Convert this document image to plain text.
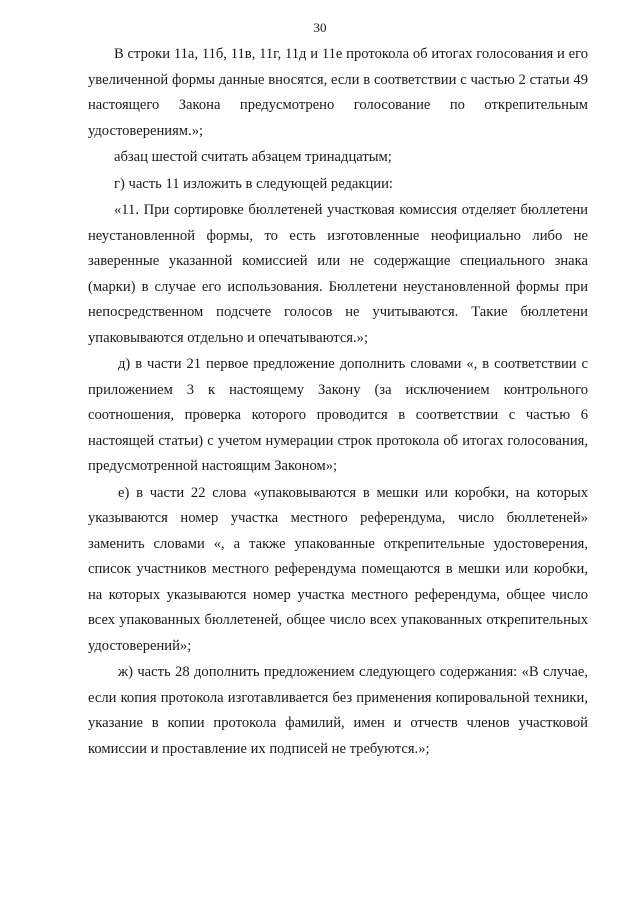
30

В строки 11а, 11б, 11в, 11г, 11д и 11е протокола об итогах голосования и его увеличенной формы данные вносятся, если в соответствии с частью 2 статьи 49 настоящего Закона предусмотрено голосование по открепительным удостоверениям.»;

абзац шестой считать абзацем тринадцатым;

г) часть 11 изложить в следующей редакции:

«11. При сортировке бюллетеней участковая комиссия отделяет бюллетени неустановленной формы, то есть изготовленные неофициально либо не заверенные указанной комиссией или не содержащие специального знака (марки) в случае его использования. Бюллетени неустановленной формы при непосредственном подсчете голосов не учитываются. Такие бюллетени упаковываются отдельно и опечатываются.»;

д) в части 21 первое предложение дополнить словами «, в соответствии с приложением 3 к настоящему Закону (за исключением контрольного соотношения, проверка которого проводится в соответствии с частью 6 настоящей статьи) с учетом нумерации строк протокола об итогах голосования, предусмотренной настоящим Законом»;

е) в части 22 слова «упаковываются в мешки или коробки, на которых указываются номер участка местного референдума, число бюллетеней» заменить словами «, а также упакованные открепительные удостоверения, список участников местного референдума помещаются в мешки или коробки, на которых указываются номер участка местного референдума, общее число всех упакованных бюллетеней, общее число всех упакованных открепительных удостоверений»;

ж) часть 28 дополнить предложением следующего содержания: «В случае, если копия протокола изготавливается без применения копировальной техники, указание в копии протокола фамилий, имен и отчеств членов участковой комиссии и проставление их подписей не требуются.»;
